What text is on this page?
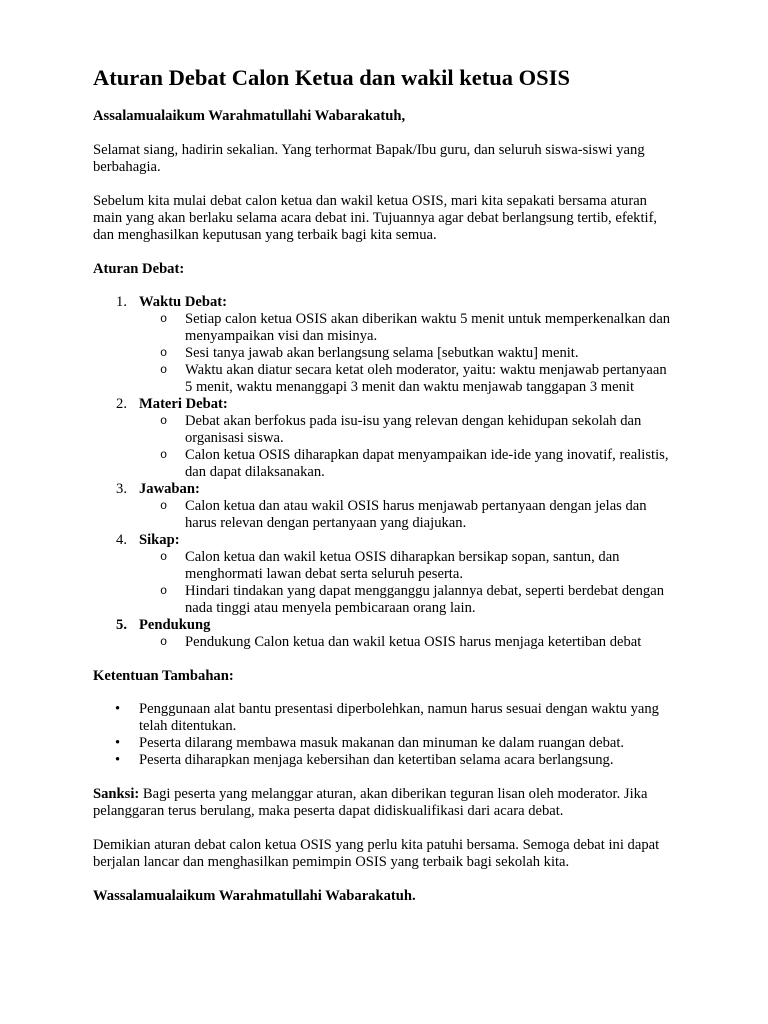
Aturan Debat Calon Ketua dan wakil ketua OSIS

Assalamualaikum Warahmatullahi Wabarakatuh,

Selamat siang, hadirin sekalian. Yang terhormat Bapak/Ibu guru, dan seluruh siswa-siswi yang berbahagia.

Sebelum kita mulai debat calon ketua dan wakil ketua OSIS, mari kita sepakati bersama aturan main yang akan berlaku selama acara debat ini. Tujuannya agar debat berlangsung tertib, efektif, dan menghasilkan keputusan yang terbaik bagi kita semua.

Aturan Debat:

1. Waktu Debat:
o Setiap calon ketua OSIS akan diberikan waktu 5 menit untuk memperkenalkan dan menyampaikan visi dan misinya.
o Sesi tanya jawab akan berlangsung selama [sebutkan waktu] menit.
o Waktu akan diatur secara ketat oleh moderator, yaitu: waktu menjawab pertanyaan 5 menit, waktu menanggapi 3 menit dan waktu menjawab tanggapan 3 menit
2. Materi Debat:
o Debat akan berfokus pada isu-isu yang relevan dengan kehidupan sekolah dan organisasi siswa.
o Calon ketua OSIS diharapkan dapat menyampaikan ide-ide yang inovatif, realistis, dan dapat dilaksanakan.
3. Jawaban:
o Calon ketua dan atau wakil OSIS harus menjawab pertanyaan dengan jelas dan harus relevan dengan pertanyaan yang diajukan.
4. Sikap:
o Calon ketua dan wakil ketua OSIS diharapkan bersikap sopan, santun, dan menghormati lawan debat serta seluruh peserta.
o Hindari tindakan yang dapat mengganggu jalannya debat, seperti berdebat dengan nada tinggi atau menyela pembicaraan orang lain.
5. Pendukung
o Pendukung Calon ketua dan wakil ketua OSIS harus menjaga ketertiban debat

Ketentuan Tambahan:

• Penggunaan alat bantu presentasi diperbolehkan, namun harus sesuai dengan waktu yang telah ditentukan.
• Peserta dilarang membawa masuk makanan dan minuman ke dalam ruangan debat.
• Peserta diharapkan menjaga kebersihan dan ketertiban selama acara berlangsung.

Sanksi: Bagi peserta yang melanggar aturan, akan diberikan teguran lisan oleh moderator. Jika pelanggaran terus berulang, maka peserta dapat didiskualifikasi dari acara debat.

Demikian aturan debat calon ketua OSIS yang perlu kita patuhi bersama. Semoga debat ini dapat berjalan lancar dan menghasilkan pemimpin OSIS yang terbaik bagi sekolah kita.

Wassalamualaikum Warahmatullahi Wabarakatuh.
